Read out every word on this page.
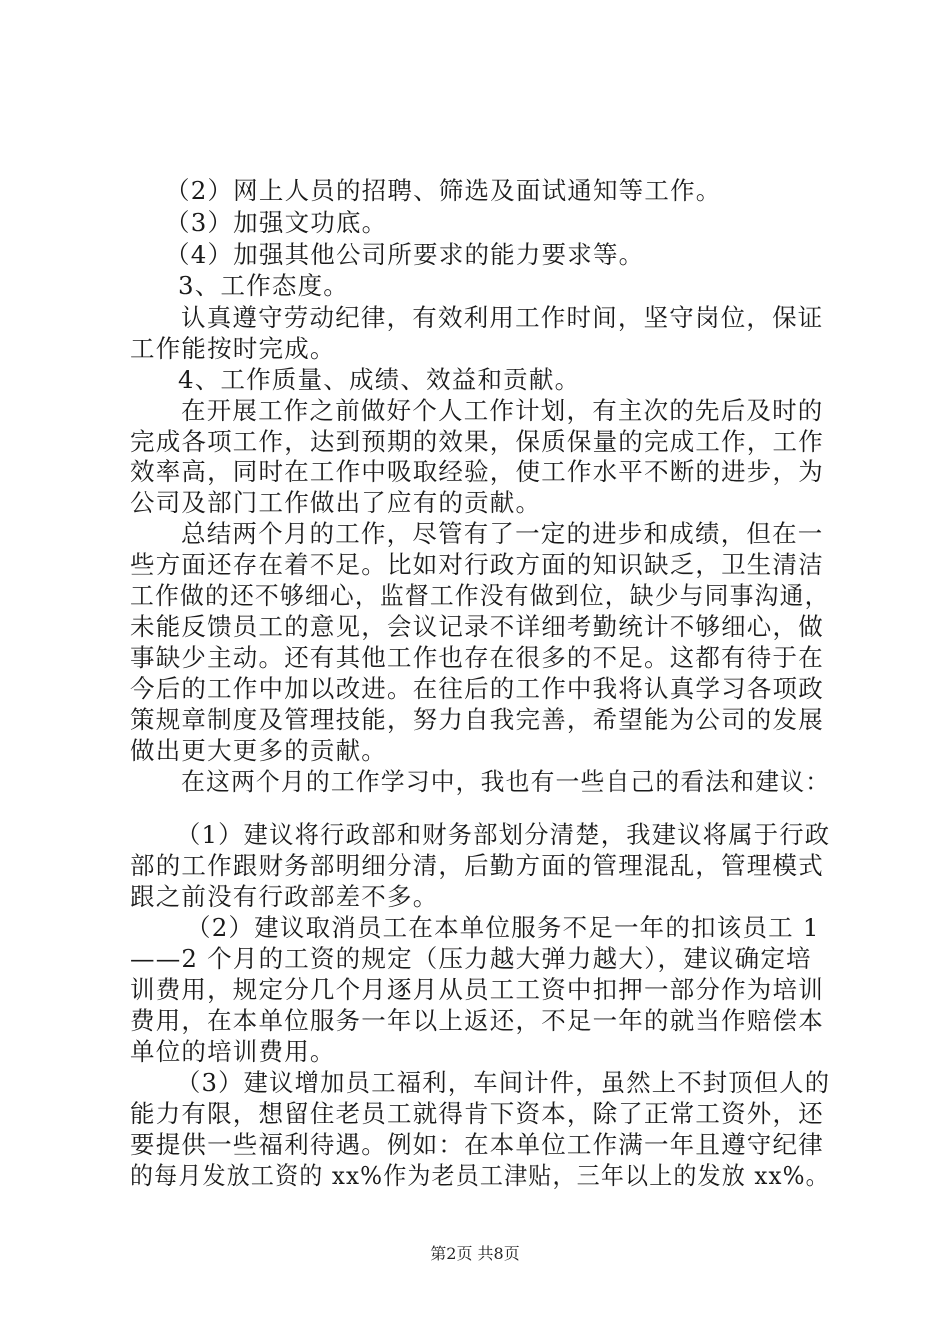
（2）网上人员的招聘、筛选及面试通知等工作。
（3）加强文功底。
（4）加强其他公司所要求的能力要求等。
3、工作态度。
认真遵守劳动纪律，有效利用工作时间，坚守岗位，保证
工作能按时完成。
4、工作质量、成绩、效益和贡献。
在开展工作之前做好个人工作计划，有主次的先后及时的
完成各项工作，达到预期的效果，保质保量的完成工作，工作
效率高，同时在工作中吸取经验，使工作水平不断的进步，为
公司及部门工作做出了应有的贡献。
总结两个月的工作，尽管有了一定的进步和成绩，但在一
些方面还存在着不足。比如对行政方面的知识缺乏，卫生清洁
工作做的还不够细心，监督工作没有做到位，缺少与同事沟通，
未能反馈员工的意见，会议记录不详细考勤统计不够细心，做
事缺少主动。还有其他工作也存在很多的不足。这都有待于在
今后的工作中加以改进。在往后的工作中我将认真学习各项政
策规章制度及管理技能，努力自我完善，希望能为公司的发展
做出更大更多的贡献。
在这两个月的工作学习中，我也有一些自己的看法和建议：
（1）建议将行政部和财务部划分清楚，我建议将属于行政
部的工作跟财务部明细分清，后勤方面的管理混乱，管理模式
跟之前没有行政部差不多。
（2）建议取消员工在本单位服务不足一年的扣该员工 1
——2 个月的工资的规定（压力越大弹力越大），建议确定培
训费用，规定分几个月逐月从员工工资中扣押一部分作为培训
费用，在本单位服务一年以上返还，不足一年的就当作赔偿本
单位的培训费用。
（3）建议增加员工福利，车间计件，虽然上不封顶但人的
能力有限，想留住老员工就得肯下资本，除了正常工资外，还
要提供一些福利待遇。例如：在本单位工作满一年且遵守纪律
的每月发放工资的 xx%作为老员工津贴，三年以上的发放 xx%。
第2页 共8页
